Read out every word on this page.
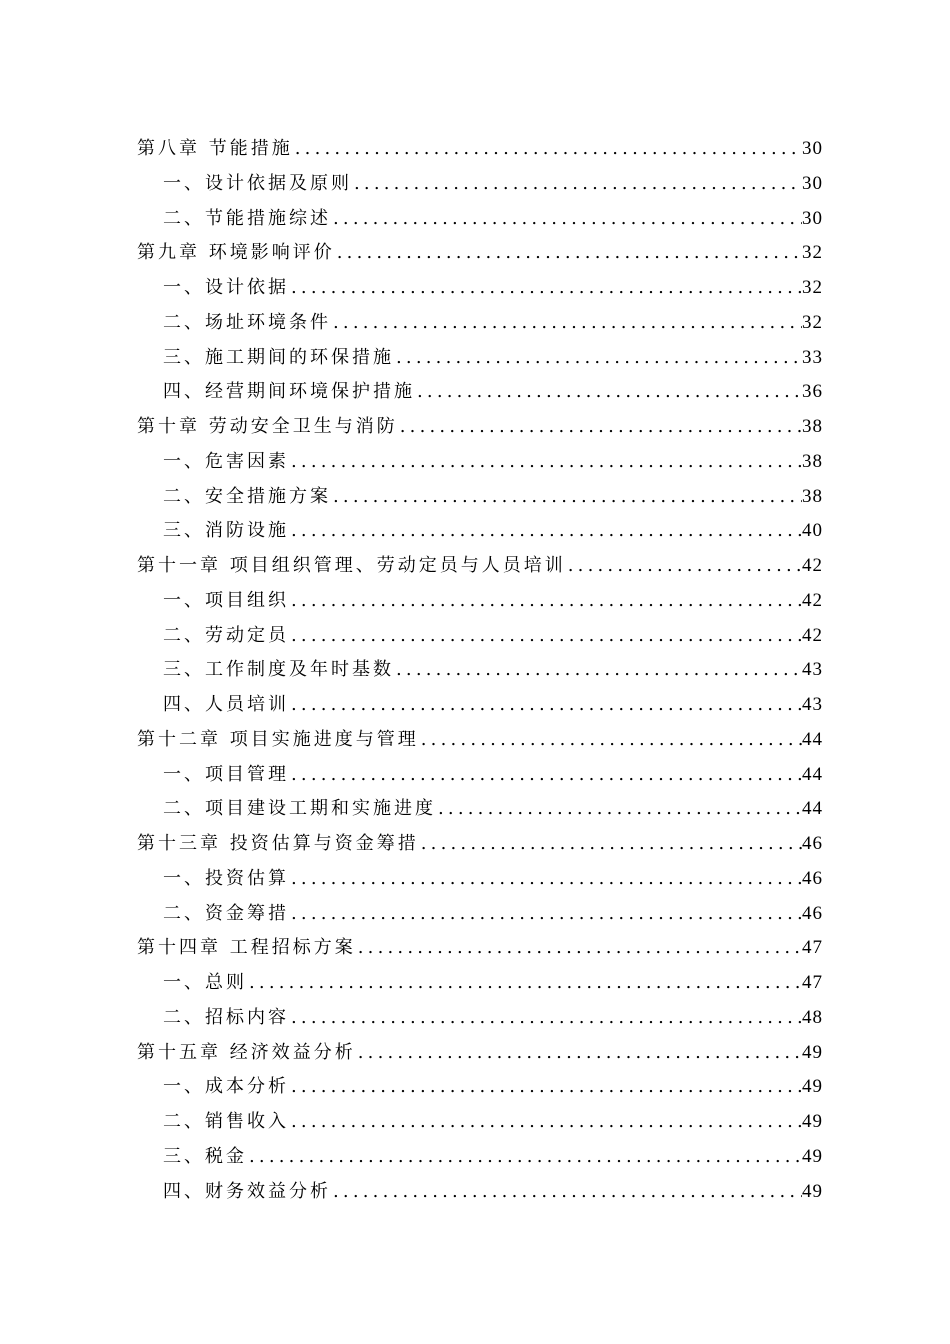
第八章 节能措施 .....	30
一、设计依据及原则 .....	30
二、节能措施综述 .....	30
第九章 环境影响评价 .....	32
一、设计依据 .....	32
二、场址环境条件 .....	32
三、施工期间的环保措施 .....	33
四、经营期间环境保护措施 .....	36
第十章 劳动安全卫生与消防 .....	38
一、危害因素 .....	38
二、安全措施方案 .....	38
三、消防设施 .....	40
第十一章 项目组织管理、劳动定员与人员培训 .....	42
一、项目组织 .....	42
二、劳动定员 .....	42
三、工作制度及年时基数 .....	43
四、人员培训 .....	43
第十二章 项目实施进度与管理 .....	44
一、项目管理 .....	44
二、项目建设工期和实施进度 .....	44
第十三章 投资估算与资金筹措 .....	46
一、投资估算 .....	46
二、资金筹措 .....	46
第十四章 工程招标方案 .....	47
一、总则 .....	47
二、招标内容 .....	48
第十五章 经济效益分析 .....	49
一、成本分析 .....	49
二、销售收入 .....	49
三、税金 .....	49
四、财务效益分析 .....	49
